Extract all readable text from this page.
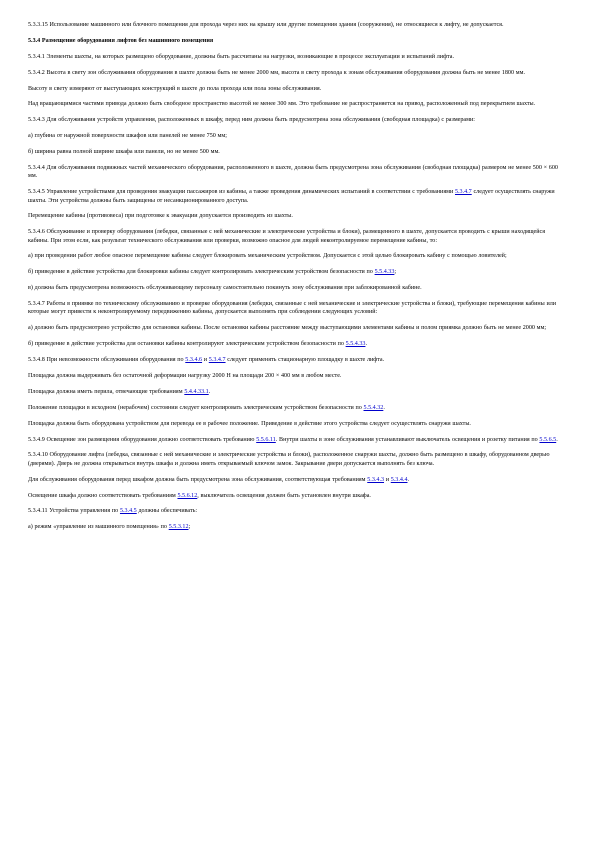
5.3.3.15 Использование машинного или блочного помещения для прохода через них на крышу или другие помещения здания (сооружения), не относящиеся к лифту, не допускается.

5.3.4 Размещение оборудования лифтов без машинного помещения

5.3.4.1 Элементы шахты, на которых размещено оборудование, должны быть рассчитаны на нагрузки, возникающие в процессе эксплуатации и испытаний лифта.

5.3.4.2 Высота в свету зон обслуживания оборудования в шахте должна быть не менее 2000 мм, высота в свету прохода к зонам обслуживания оборудования должна быть не менее 1800 мм.

Высоту в свету измеряют от выступающих конструкций в шахте до пола прохода или пола зоны обслуживания.

Над вращающимися частями привода должно быть свободное пространство высотой не менее 300 мм. Это требование не распространяется на привод, расположенный под перекрытием шахты.

5.3.4.3 Для обслуживания устройств управления, расположенных в шкафу, перед ним должна быть предусмотрена зона обслуживания (свободная площадка) с размерами:

а) глубина от наружной поверхности шкафов или панелей не менее 750 мм;

б) ширина равна полной ширине шкафа или панели, но не менее 500 мм.

5.3.4.4 Для обслуживания подвижных частей механического оборудования, расположенного в шахте, должна быть предусмотрена зона обслуживания (свободная площадка) размером не менее 500 × 600 мм.

5.3.4.5 Управление устройствами для проведения эвакуации пассажиров из кабины, а также проведения динамических испытаний в соответствии с требованиями 5.3.4.7 следует осуществлять снаружи шахты. Эти устройства должны быть защищены от несанкционированного доступа.

Перемещение кабины (противовеса) при подготовке к эвакуации допускается производить из шахты.

5.3.4.6 Обслуживание и проверку оборудования (лебедки, связанные с ней механические и электрические устройства и блоки), размещенного в шахте, допускается проводить с крыши находящейся кабины. При этом если, как результат технического обслуживания или проверки, возможно опасное для людей неконтролируемое перемещение кабины, то:

а) при проведении работ любое опасное перемещение кабины следует блокировать механическим устройством. Допускается с этой целью блокировать кабину с помощью ловителей;

б) приведение в действие устройства для блокировки кабины следует контролировать электрическим устройством безопасности по 5.5.4.33;

в) должна быть предусмотрена возможность обслуживающему персоналу самостоятельно покинуть зону обслуживания при заблокированной кабине.

5.3.4.7 Работы в приямке по техническому обслуживанию и проверке оборудования (лебедки, связанные с ней механические и электрические устройства и блоки), требующие перемещения кабины или которые могут привести к неконтролируемому передвижению кабины, допускается выполнять при соблюдении следующих условий:

а) должно быть предусмотрено устройство для остановки кабины. После остановки кабины расстояние между выступающими элементами кабины и полом приямка должно быть не менее 2000 мм;

б) приведение в действие устройства для остановки кабины контролируют электрическим устройством безопасности по 5.5.4.33.

5.3.4.8 При невозможности обслуживания оборудования по 5.3.4.6 и 5.3.4.7 следует применять стационарную площадку в шахте лифта.

Площадка должна выдерживать без остаточной деформации нагрузку 2000 Н на площади 200 × 400 мм в любом месте.

Площадка должна иметь перила, отвечающие требованиям 5.4.4.33.1.

Положение площадки в исходном (нерабочем) состоянии следует контролировать электрическим устройством безопасности по 5.5.4.32.

Площадка должна быть оборудована устройством для перевода ее в рабочее положение. Приведение в действие этого устройства следует осуществлять снаружи шахты.

5.3.4.9 Освещение зон размещения оборудования должно соответствовать требованию 5.5.6.11. Внутри шахты в зоне обслуживания устанавливают выключатель освещения и розетку питания по 5.5.6.5.

5.3.4.10 Оборудование лифта (лебедка, связанные с ней механические и электрические устройства и блоки), расположенное снаружи шахты, должно быть размещено в шкафу, оборудованном дверью (дверями). Дверь не должна открываться внутрь шкафа и должна иметь открываемый ключом замок. Закрывание двери допускается выполнять без ключа.

Для обслуживания оборудования перед шкафом должна быть предусмотрена зона обслуживания, соответствующая требованиям 5.3.4.3 и 5.3.4.4.

Освещение шкафа должно соответствовать требованиям 5.5.6.12, выключатель освещения должен быть установлен внутри шкафа.

5.3.4.11 Устройства управления по 5.3.4.5 должны обеспечивать:

а) режим «управление из машинного помещения» по 5.5.3.12;
